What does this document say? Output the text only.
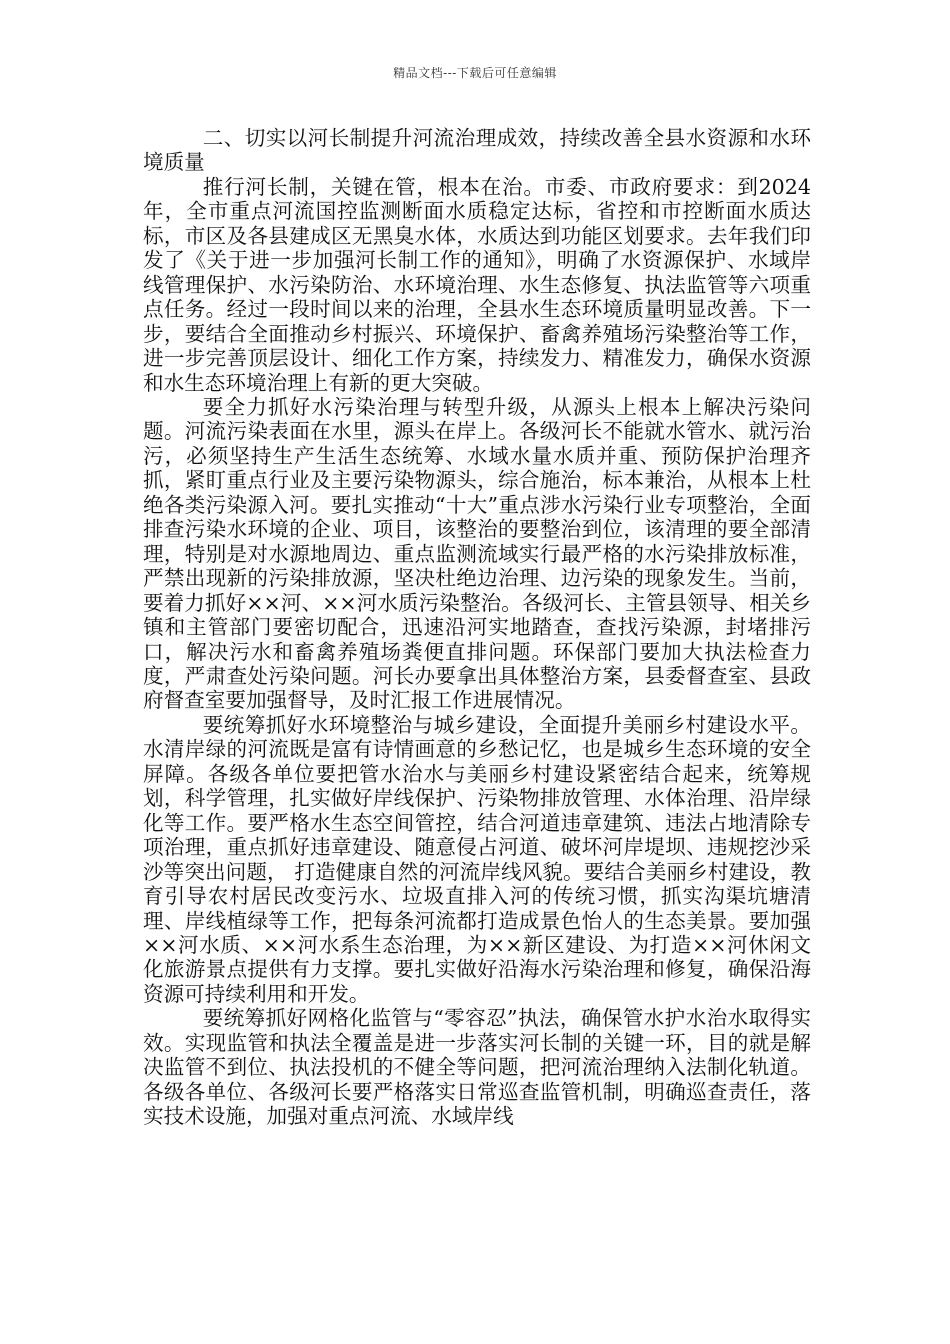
精品文档---下载后可任意编辑

二、切实以河长制提升河流治理成效，持续改善全县水资源和水环境质量

推行河长制，关键在管，根本在治。市委、市政府要求：到2024年，全市重点河流国控监测断面水质稳定达标，省控和市控断面水质达标，市区及各县建成区无黑臭水体，水质达到功能区划要求。去年我们印发了《关于进一步加强河长制工作的通知》，明确了水资源保护、水域岸线管理保护、水污染防治、水环境治理、水生态修复、执法监管等六项重点任务。经过一段时间以来的治理，全县水生态环境质量明显改善。下一步，要结合全面推动乡村振兴、环境保护、畜禽养殖场污染整治等工作，进一步完善顶层设计、细化工作方案，持续发力、精准发力，确保水资源和水生态环境治理上有新的更大突破。

要全力抓好水污染治理与转型升级，从源头上根本上解决污染问题。河流污染表面在水里，源头在岸上。各级河长不能就水管水、就污治污，必须坚持生产生活生态统筹、水域水量水质并重、预防保护治理齐抓，紧盯重点行业及主要污染物源头，综合施治，标本兼治，从根本上杜绝各类污染源入河。要扎实推动“十大”重点涉水污染行业专项整治，全面排查污染水环境的企业、项目，该整治的要整治到位，该清理的要全部清理，特别是对水源地周边、重点监测流域实行最严格的水污染排放标准，严禁出现新的污染排放源，坚决杜绝边治理、边污染的现象发生。当前， 要着力抓好××河、××河水质污染整治。各级河长、主管县领导、相关乡镇和主管部门要密切配合，迅速沿河实地踏查，查找污染源，封堵排污口，解决污水和畜禽养殖场粪便直排问题。环保部门要加大执法检查力度，严肃查处污染问题。河长办要拿出具体整治方案，县委督查室、县政府督查室要加强督导，及时汇报工作进展情况。

要统筹抓好水环境整治与城乡建设，全面提升美丽乡村建设水平。水清岸绿的河流既是富有诗情画意的乡愁记忆，也是城乡生态环境的安全屏障。各级各单位要把管水治水与美丽乡村建设紧密结合起来，统筹规划，科学管理，扎实做好岸线保护、污染物排放管理、水体治理、沿岸绿化等工作。要严格水生态空间管控，结合河道违章建筑、违法占地清除专项治理，重点抓好违章建设、随意侵占河道、破坏河岸堤坝、违规挖沙采沙等突出问题， 打造健康自然的河流岸线风貌。要结合美丽乡村建设，教育引导农村居民改变污水、垃圾直排入河的传统习惯，抓实沟渠坑塘清理、岸线植绿等工作，把每条河流都打造成景色怡人的生态美景。要加强××河水质、××河水系生态治理，为××新区建设、为打造××河休闲文化旅游景点提供有力支撑。要扎实做好沿海水污染治理和修复，确保沿海资源可持续利用和开发。

要统筹抓好网格化监管与“零容忍”执法，确保管水护水治水取得实效。实现监管和执法全覆盖是进一步落实河长制的关键一环，目的就是解决监管不到位、执法投机的不健全等问题，把河流治理纳入法制化轨道。各级各单位、各级河长要严格落实日常巡查监管机制，明确巡查责任，落实技术设施，加强对重点河流、水域岸线
